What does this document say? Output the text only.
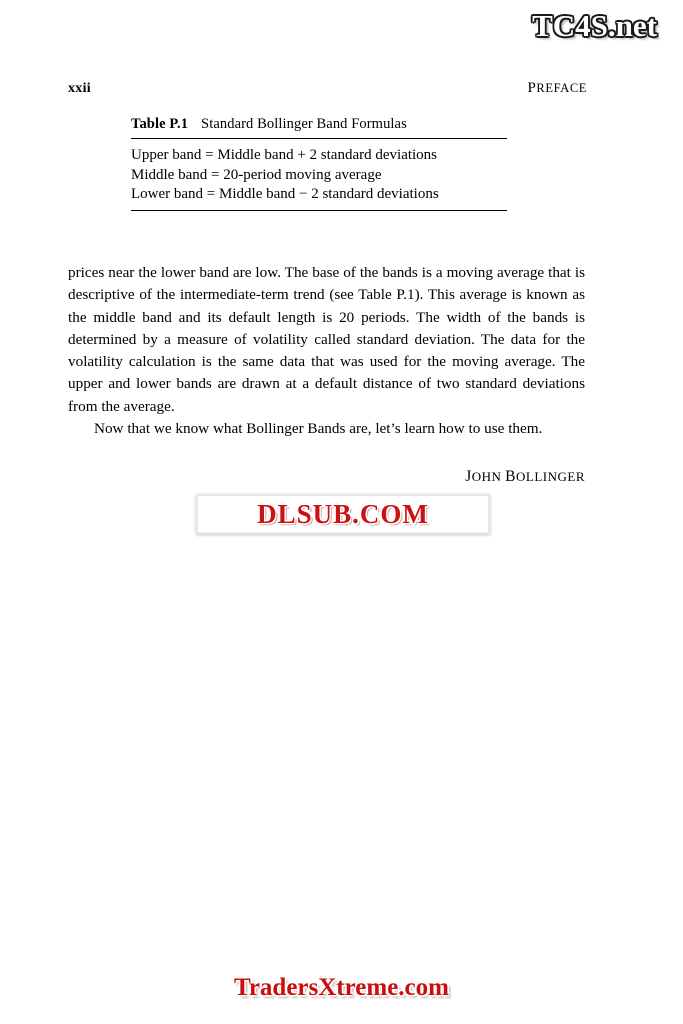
xxii	PREFACE
Table P.1 Standard Bollinger Band Formulas
Upper band = Middle band + 2 standard deviations
Middle band = 20-period moving average
Lower band = Middle band − 2 standard deviations

prices near the lower band are low. The base of the bands is a moving average that is descriptive of the intermediate-term trend (see Table P.1). This average is known as the middle band and its default length is 20 periods. The width of the bands is determined by a measure of volatility called standard deviation. The data for the volatility calculation is the same data that was used for the moving average. The upper and lower bands are drawn at a default distance of two standard deviations from the average.

Now that we know what Bollinger Bands are, let’s learn how to use them.

JOHN BOLLINGER
TC4S.net
DLSUB.COM
TradersXtreme.com
